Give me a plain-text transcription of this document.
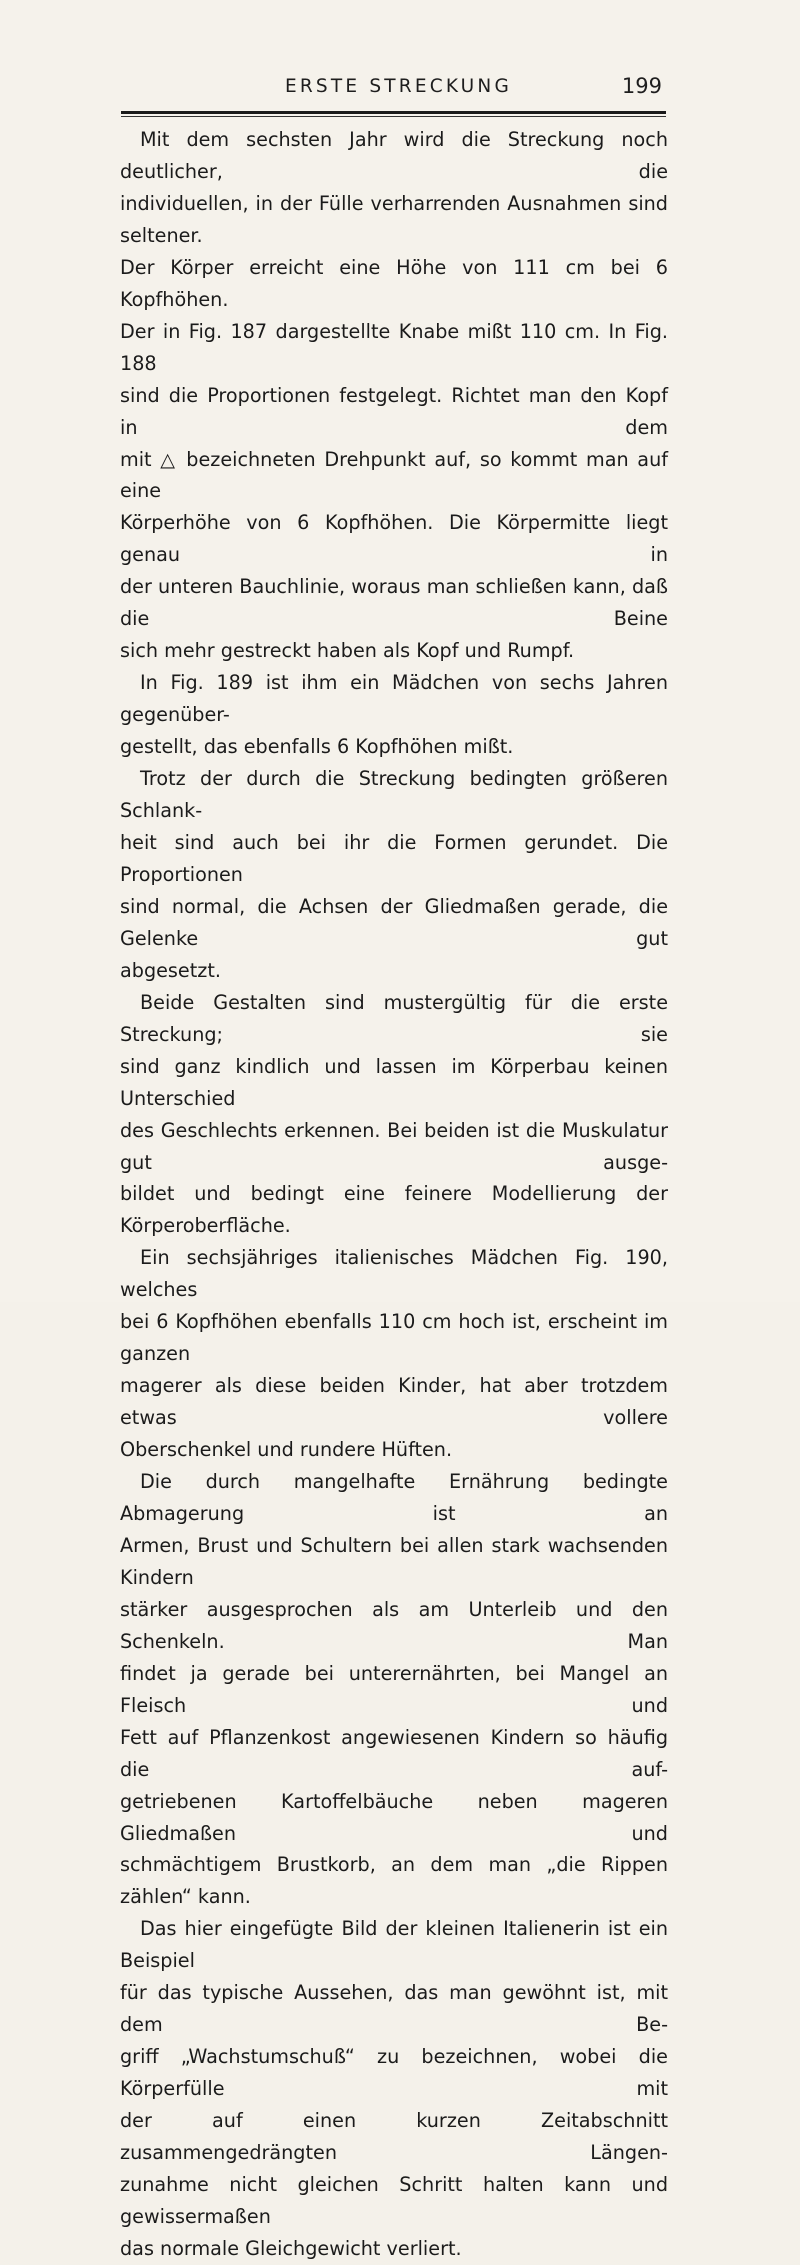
ERSTE STRECKUNG	199

Mit dem sechsten Jahr wird die Streckung noch deutlicher, die

individuellen, in der Fülle verharrenden Ausnahmen sind seltener.

Der Körper erreicht eine Höhe von 111 cm bei 6 Kopfhöhen.

Der in Fig. 187 dargestellte Knabe mißt 110 cm. In Fig. 188

sind die Proportionen festgelegt. Richtet man den Kopf in dem

mit △ bezeichneten Drehpunkt auf, so kommt man auf eine

Körperhöhe von 6 Kopfhöhen. Die Körpermitte liegt genau in

der unteren Bauchlinie, woraus man schließen kann, daß die Beine

sich mehr gestreckt haben als Kopf und Rumpf.

In Fig. 189 ist ihm ein Mädchen von sechs Jahren gegenüber-

gestellt, das ebenfalls 6 Kopfhöhen mißt.

Trotz der durch die Streckung bedingten größeren Schlank-

heit sind auch bei ihr die Formen gerundet. Die Proportionen

sind normal, die Achsen der Gliedmaßen gerade, die Gelenke gut

abgesetzt.

Beide Gestalten sind mustergültig für die erste Streckung; sie

sind ganz kindlich und lassen im Körperbau keinen Unterschied

des Geschlechts erkennen. Bei beiden ist die Muskulatur gut ausge-

bildet und bedingt eine feinere Modellierung der Körperoberfläche.

Ein sechsjähriges italienisches Mädchen Fig. 190, welches

bei 6 Kopfhöhen ebenfalls 110 cm hoch ist, erscheint im ganzen

magerer als diese beiden Kinder, hat aber trotzdem etwas vollere

Oberschenkel und rundere Hüften.

Die durch mangelhafte Ernährung bedingte Abmagerung ist an

Armen, Brust und Schultern bei allen stark wachsenden Kindern

stärker ausgesprochen als am Unterleib und den Schenkeln. Man

findet ja gerade bei unterernährten, bei Mangel an Fleisch und

Fett auf Pflanzenkost angewiesenen Kindern so häufig die auf-

getriebenen Kartoffelbäuche neben mageren Gliedmaßen und

schmächtigem Brustkorb, an dem man „die Rippen zählen“ kann.

Das hier eingefügte Bild der kleinen Italienerin ist ein Beispiel

für das typische Aussehen, das man gewöhnt ist, mit dem Be-

griff „Wachstumschuß“ zu bezeichnen, wobei die Körperfülle mit

der auf einen kurzen Zeitabschnitt zusammengedrängten Längen-

zunahme nicht gleichen Schritt halten kann und gewissermaßen

das normale Gleichgewicht verliert.
